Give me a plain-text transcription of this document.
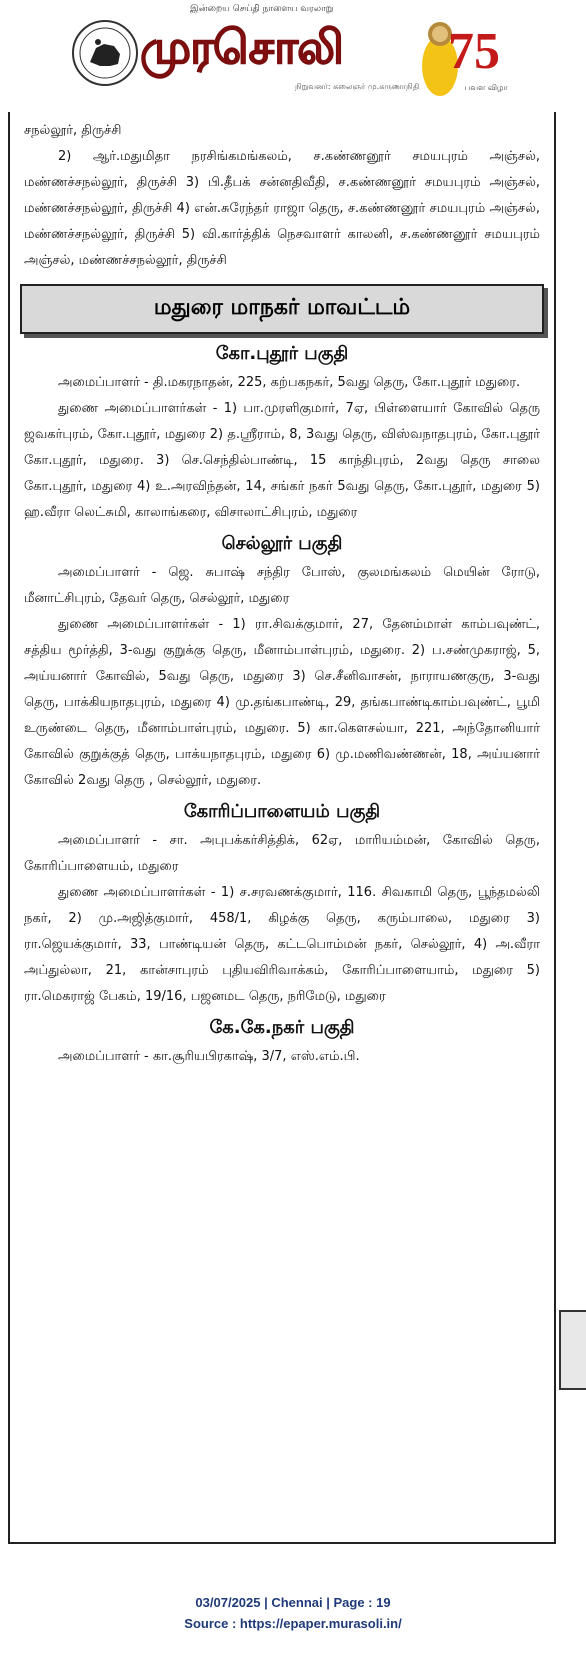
இன்றைய செய்தி நாளைய வரலாறு
முரசொலி
நிறுவனர்: கலைஞர் மு.கருணாநிதி
75
பவள விழா

சநல்லூர், திருச்சி

2) ஆர்.மதுமிதா நரசிங்கமங்கலம், ச.கண்ணனூர் சமயபுரம் அஞ்சல், மண்ணச்சநல்லூர், திருச்சி 3) பி.தீபக் சன்னதிவீதி, ச.கண்ணனூர் சமயபுரம் அஞ்சல், மண்ணச்சநல்லூர், திருச்சி 4) என்.சுரேந்தர் ராஜா தெரு, ச.கண்ணனூர் சமயபுரம் அஞ்சல், மண்ணச்சநல்லூர், திருச்சி 5) வி.கார்த்திக் நெசவாளர் காலனி, ச.கண்ணனூர் சமயபுரம் அஞ்சல், மண்ணச்சநல்லூர், திருச்சி

மதுரை மாநகர் மாவட்டம்
கோ.புதூர் பகுதி

அமைப்பாளர் - தி.மகரநாதன், 225, கற்பகநகர், 5வது தெரு, கோ.புதூர் மதுரை.

துணை அமைப்பாளர்கள் - 1) பா.முரளிகுமார், 7ஏ, பிள்ளையார் கோவில் தெரு ஜவகர்புரம், கோ.புதூர், மதுரை 2) த.ஸ்ரீராம், 8, 3வது தெரு, விஸ்வநாதபுரம், கோ.புதூர் கோ.புதூர், மதுரை. 3) செ.செந்தில்பாண்டி, 15 காந்திபுரம், 2வது தெரு சாலை கோ.புதூர், மதுரை 4) உ.அரவிந்தன், 14, சங்கர் நகர் 5வது தெரு, கோ.புதூர், மதுரை 5) ஹ.வீரா லெட்சுமி, காலாங்கரை, விசாலாட்சிபுரம், மதுரை

செல்லூர் பகுதி

அமைப்பாளர் - ஜெ. சுபாஷ் சந்திர போஸ், குலமங்கலம் மெயின் ரோடு, மீனாட்சிபுரம், தேவர் தெரு, செல்லூர், மதுரை

துணை அமைப்பாளர்கள் - 1) ரா.சிவக்குமார், 27, தேனம்மாள் காம்பவுண்ட், சத்திய மூர்த்தி, 3-வது குறுக்கு தெரு, மீனாம்பாள்புரம், மதுரை. 2) ப.சண்முகராஜ், 5, அய்யனார் கோவில், 5வது தெரு, மதுரை 3) செ.சீனிவாசன், நாராயணகுரு, 3-வது தெரு, பாக்கியநாதபுரம், மதுரை 4) மு.தங்கபாண்டி, 29, தங்கபாண்டிகாம்பவுண்ட், பூமி உருண்டை தெரு, மீனாம்பாள்புரம், மதுரை. 5) கா.கௌசல்யா, 221, அந்தோனியார் கோவில் குறுக்குத் தெரு, பாக்யநாதபுரம், மதுரை 6) மு.மணிவண்ணன், 18, அய்யனார் கோவில் 2வது தெரு , செல்லூர், மதுரை.

கோரிப்பாளையம் பகுதி

அமைப்பாளர் - சா. அபுபக்கர்சித்திக், 62ஏ, மாரியம்மன், கோவில் தெரு, கோரிப்பாளையம், மதுரை

துணை அமைப்பாளர்கள் - 1) ச.சரவணக்குமார், 116. சிவகாமி தெரு, பூந்தமல்லி நகர், 2) மு.அஜித்குமார், 458/1, கிழக்கு தெரு, கரும்பாலை, மதுரை 3) ரா.ஜெயக்குமார், 33, பாண்டியன் தெரு, கட்டபொம்மன் நகர், செல்லூர், 4) அ.வீரா அப்துல்லா, 21, கான்சாபுரம் புதியவிரிவாக்கம், கோரிப்பாளையாம், மதுரை 5) ரா.மெகராஜ் பேகம், 19/16, பஜனமட தெரு, நரிமேடு, மதுரை

கே.கே.நகர் பகுதி

அமைப்பாளர் - கா.சூரியபிரகாஷ், 3/7, எஸ்.எம்.பி.

03/07/2025 | Chennai | Page : 19
Source : https://epaper.murasoli.in/
